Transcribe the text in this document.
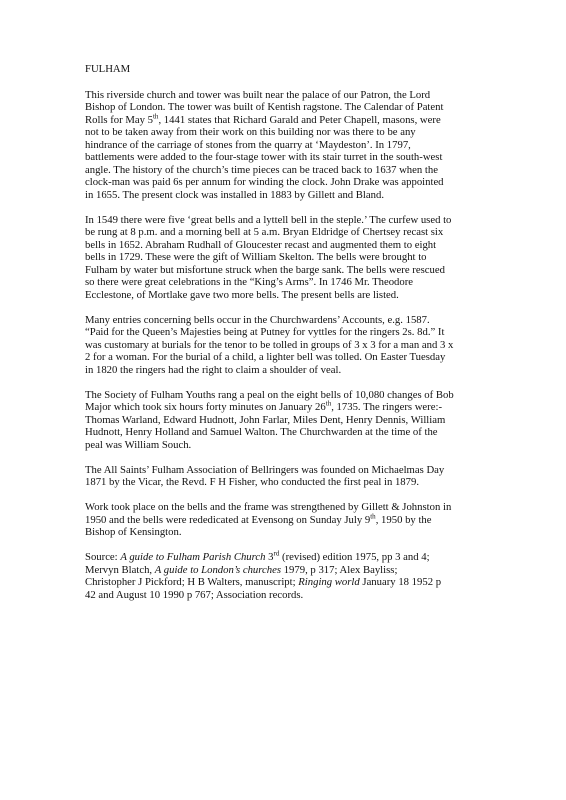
FULHAM
This riverside church and tower was built near the palace of our Patron, the Lord
Bishop of London. The tower was built of Kentish ragstone. The Calendar of Patent
Rolls for May 5th, 1441 states that Richard Garald and Peter Chapell, masons, were
not to be taken away from their work on this building nor was there to be any
hindrance of the carriage of stones from the quarry at ‘Maydeston’. In 1797,
battlements were added to the four-stage tower with its stair turret in the south-west
angle. The history of the church’s time pieces can be traced back to 1637 when the
clock-man was paid 6s per annum for winding the clock. John Drake was appointed
in 1655. The present clock was installed in 1883 by Gillett and Bland.
In 1549 there were five ‘great bells and a lyttell bell in the steple.’ The curfew used to
be rung at 8 p.m. and a morning bell at 5 a.m. Bryan Eldridge of Chertsey recast six
bells in 1652. Abraham Rudhall of Gloucester recast and augmented them to eight
bells in 1729. These were the gift of William Skelton. The bells were brought to
Fulham by water but misfortune struck when the barge sank. The bells were rescued
so there were great celebrations in the “King’s Arms”. In 1746 Mr. Theodore
Ecclestone, of Mortlake gave two more bells. The present bells are listed.
Many entries concerning bells occur in the Churchwardens’ Accounts, e.g. 1587.
“Paid for the Queen’s Majesties being at Putney for vyttles for the ringers 2s. 8d.” It
was customary at burials for the tenor to be tolled in groups of 3 x 3 for a man and 3 x
2 for a woman. For the burial of a child, a lighter bell was tolled. On Easter Tuesday
in 1820 the ringers had the right to claim a shoulder of veal.
The Society of Fulham Youths rang a peal on the eight bells of 10,080 changes of Bob
Major which took six hours forty minutes on January 26th, 1735. The ringers were:-
Thomas Warland, Edward Hudnott, John Farlar, Miles Dent, Henry Dennis, William
Hudnott, Henry Holland and Samuel Walton. The Churchwarden at the time of the
peal was William Souch.
The All Saints’ Fulham Association of Bellringers was founded on Michaelmas Day
1871 by the Vicar, the Revd. F H Fisher, who conducted the first peal in 1879.
Work took place on the bells and the frame was strengthened by Gillett & Johnston in
1950 and the bells were rededicated at Evensong on Sunday July 9th, 1950 by the
Bishop of Kensington.
Source: A guide to Fulham Parish Church 3rd (revised) edition 1975, pp 3 and 4;
Mervyn Blatch, A guide to London’s churches 1979, p 317; Alex Bayliss;
Christopher J Pickford; H B Walters, manuscript; Ringing world January 18 1952 p
42 and August 10 1990 p 767; Association records.
